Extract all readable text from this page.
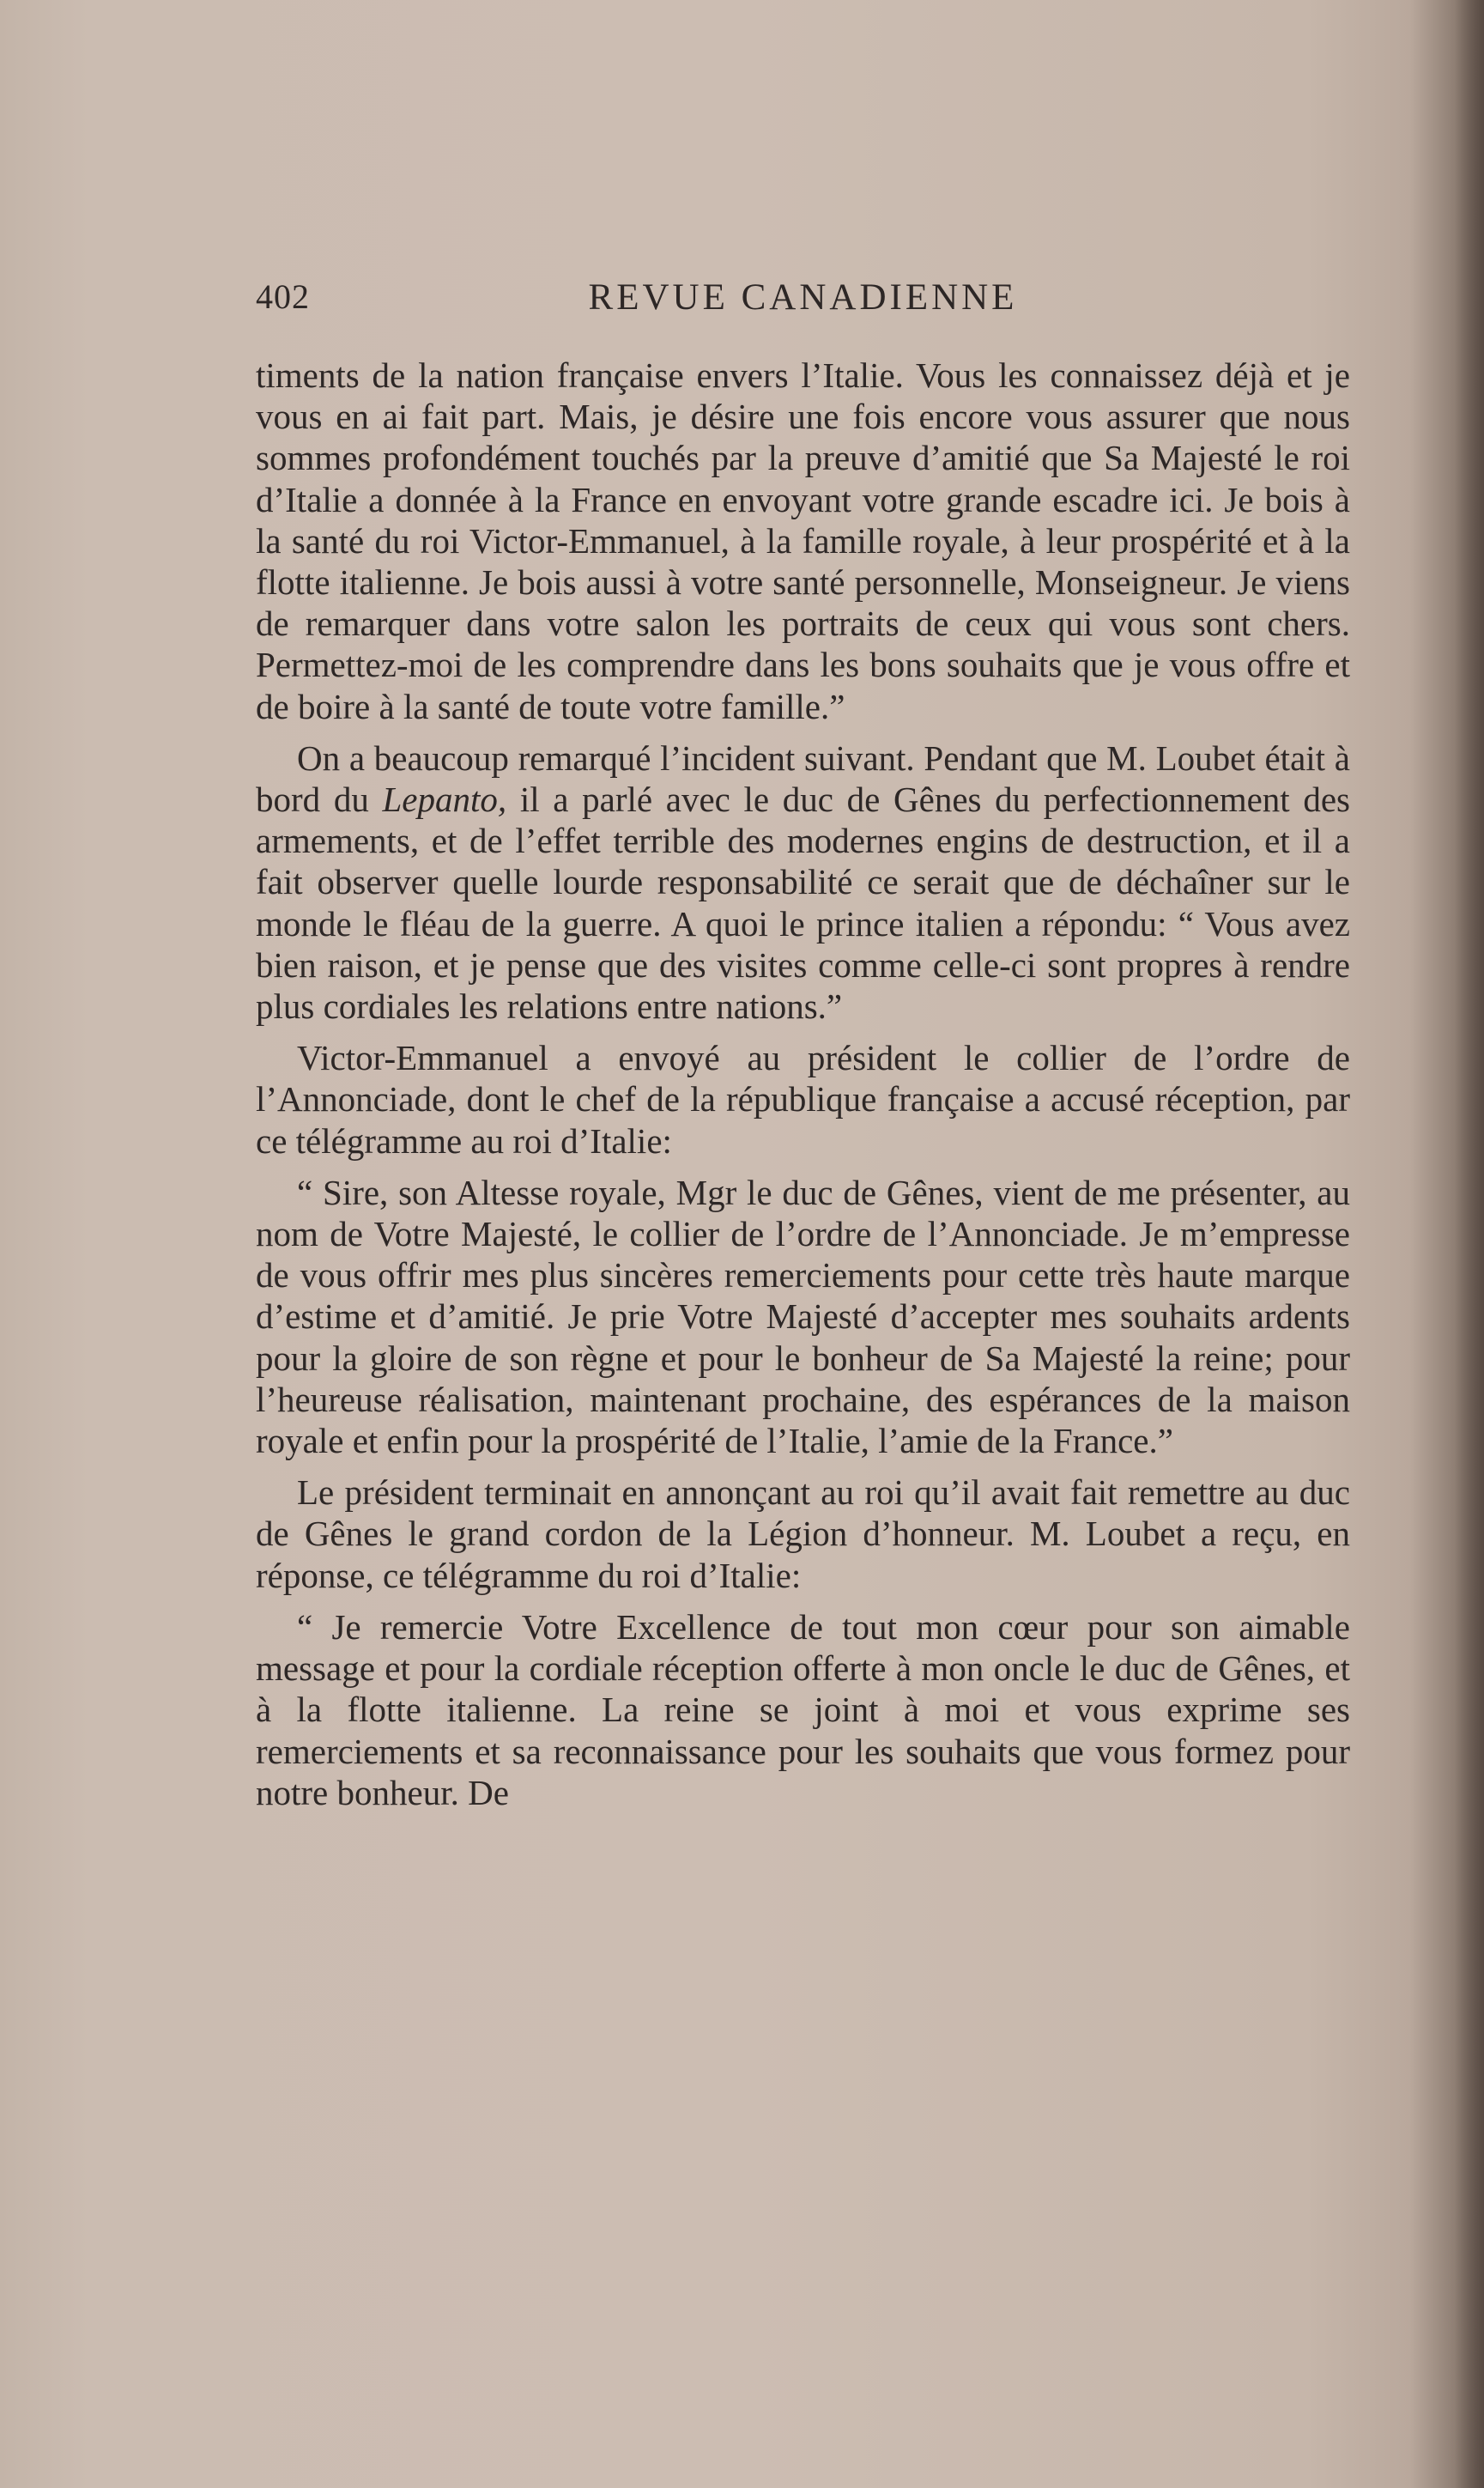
402	REVUE CANADIENNE

timents de la nation française envers l’Italie. Vous les connaissez déjà et je vous en ai fait part. Mais, je désire une fois encore vous assurer que nous sommes profondément touchés par la preuve d’amitié que Sa Majesté le roi d’Italie a donnée à la France en envoyant votre grande escadre ici. Je bois à la santé du roi Victor-Emmanuel, à la famille royale, à leur prospérité et à la flotte italienne. Je bois aussi à votre santé personnelle, Monseigneur. Je viens de remarquer dans votre salon les portraits de ceux qui vous sont chers. Permettez-moi de les comprendre dans les bons souhaits que je vous offre et de boire à la santé de toute votre famille.”

On a beaucoup remarqué l’incident suivant. Pendant que M. Loubet était à bord du Lepanto, il a parlé avec le duc de Gênes du perfectionnement des armements, et de l’effet terrible des modernes engins de destruction, et il a fait observer quelle lourde responsabilité ce serait que de déchaîner sur le monde le fléau de la guerre. A quoi le prince italien a répondu: “ Vous avez bien raison, et je pense que des visites comme celle-ci sont propres à rendre plus cordiales les relations entre nations.”

Victor-Emmanuel a envoyé au président le collier de l’ordre de l’Annonciade, dont le chef de la république française a accusé réception, par ce télégramme au roi d’Italie:

“ Sire, son Altesse royale, Mgr le duc de Gênes, vient de me présenter, au nom de Votre Majesté, le collier de l’ordre de l’Annonciade. Je m’empresse de vous offrir mes plus sincères remerciements pour cette très haute marque d’estime et d’amitié. Je prie Votre Majesté d’accepter mes souhaits ardents pour la gloire de son règne et pour le bonheur de Sa Majesté la reine; pour l’heureuse réalisation, maintenant prochaine, des espérances de la maison royale et enfin pour la prospérité de l’Italie, l’amie de la France.”

Le président terminait en annonçant au roi qu’il avait fait remettre au duc de Gênes le grand cordon de la Légion d’honneur. M. Loubet a reçu, en réponse, ce télégramme du roi d’Italie:

“ Je remercie Votre Excellence de tout mon cœur pour son aimable message et pour la cordiale réception offerte à mon oncle le duc de Gênes, et à la flotte italienne. La reine se joint à moi et vous exprime ses remerciements et sa reconnaissance pour les souhaits que vous formez pour notre bonheur. De
